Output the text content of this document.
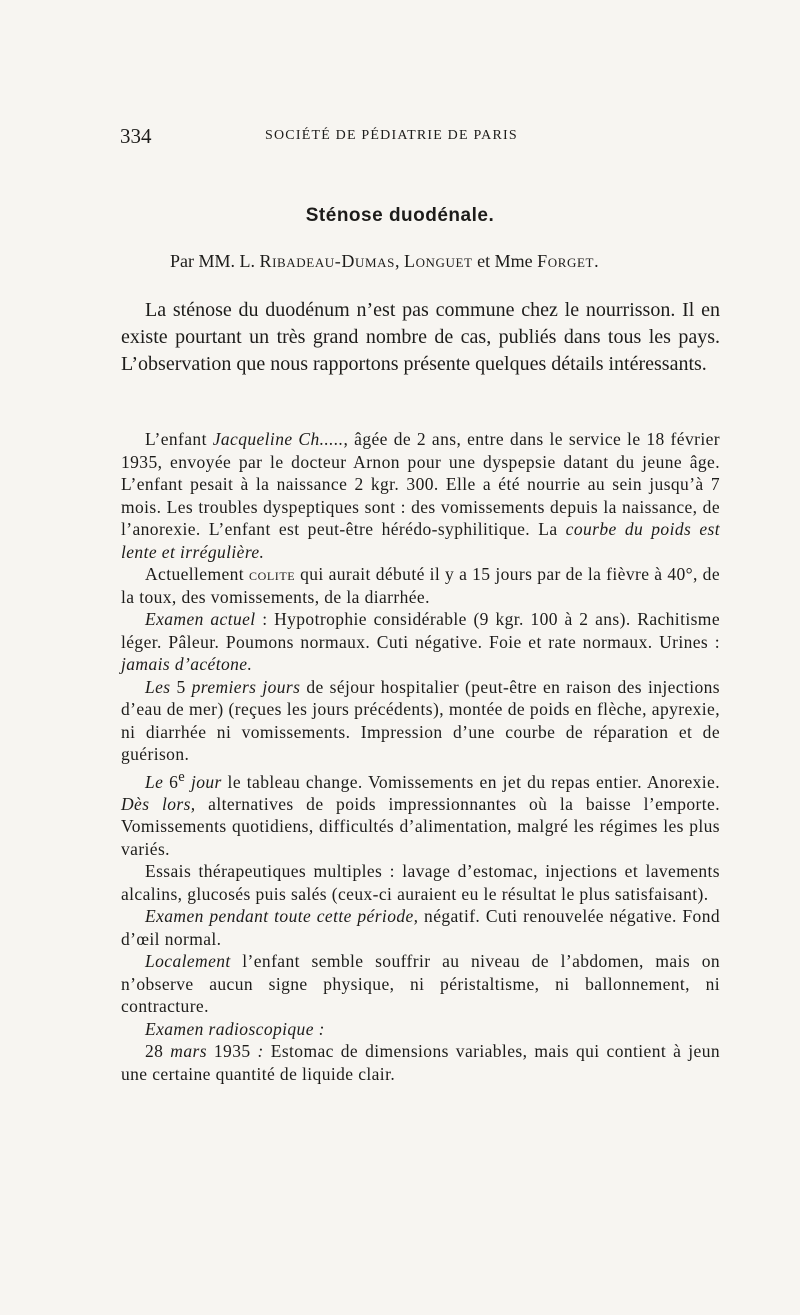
334	SOCIÉTÉ DE PÉDIATRIE DE PARIS
Sténose duodénale.
Par MM. L. Ribadeau-Dumas, Longuet et Mme Forget.

La sténose du duodénum n’est pas commune chez le nourrisson. Il en existe pourtant un très grand nombre de cas, publiés dans tous les pays. L’observation que nous rapportons présente quelques détails intéressants.

L’enfant Jacqueline Ch....., âgée de 2 ans, entre dans le service le 18 février 1935, envoyée par le docteur Arnon pour une dyspepsie datant du jeune âge. L’enfant pesait à la naissance 2 kgr. 300. Elle a été nourrie au sein jusqu’à 7 mois. Les troubles dyspeptiques sont : des vomissements depuis la naissance, de l’anorexie. L’enfant est peut-être hérédo-syphilitique. La courbe du poids est lente et irrégulière.

Actuellement colite qui aurait débuté il y a 15 jours par de la fièvre à 40°, de la toux, des vomissements, de la diarrhée.

Examen actuel : Hypotrophie considérable (9 kgr. 100 à 2 ans). Rachitisme léger. Pâleur. Poumons normaux. Cuti négative. Foie et rate normaux. Urines : jamais d’acétone.

Les 5 premiers jours de séjour hospitalier (peut-être en raison des injections d’eau de mer) (reçues les jours précédents), montée de poids en flèche, apyrexie, ni diarrhée ni vomissements. Impression d’une courbe de réparation et de guérison.

Le 6e jour le tableau change. Vomissements en jet du repas entier. Anorexie. Dès lors, alternatives de poids impressionnantes où la baisse l’emporte. Vomissements quotidiens, difficultés d’alimentation, malgré les régimes les plus variés.

Essais thérapeutiques multiples : lavage d’estomac, injections et lavements alcalins, glucosés puis salés (ceux-ci auraient eu le résultat le plus satisfaisant).

Examen pendant toute cette période, négatif. Cuti renouvelée négative. Fond d’œil normal.

Localement l’enfant semble souffrir au niveau de l’abdomen, mais on n’observe aucun signe physique, ni péristaltisme, ni ballonnement, ni contracture.

Examen radioscopique :

28 mars 1935 : Estomac de dimensions variables, mais qui contient à jeun une certaine quantité de liquide clair.
